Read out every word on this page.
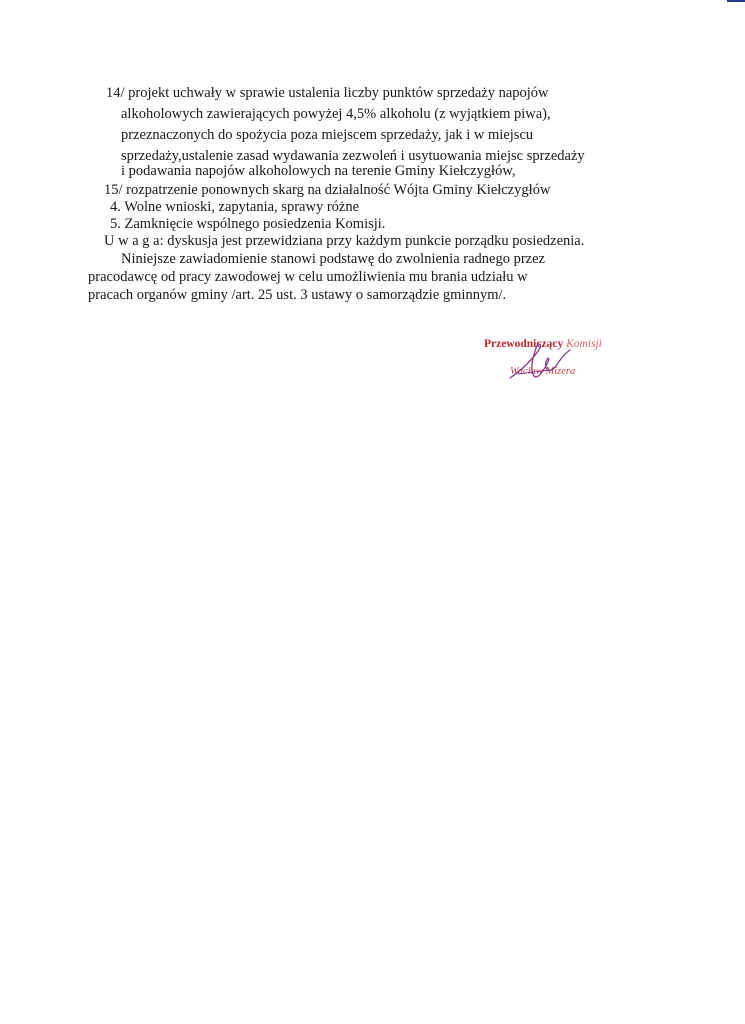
14/ projekt uchwały w sprawie ustalenia liczby punktów sprzedaży napojów
alkoholowych zawierających powyżej 4,5% alkoholu (z wyjątkiem piwa),
przeznaczonych do spożycia poza miejscem sprzedaży, jak i w miejscu
sprzedaży,ustalenie zasad wydawania zezwoleń i usytuowania miejsc sprzedaży
i podawania napojów alkoholowych na terenie Gminy Kiełczygłów,
15/ rozpatrzenie ponownych skarg na działalność Wójta Gminy Kiełczygłów
4. Wolne wnioski, zapytania, sprawy różne
5. Zamknięcie wspólnego posiedzenia Komisji.
U w a g a: dyskusja jest przewidziana przy każdym punkcie porządku posiedzenia.
Niniejsze zawiadomienie stanowi podstawę do zwolnienia radnego przez
pracodawcę od pracy zawodowej w celu umożliwienia mu brania udziału w
pracach organów gminy /art. 25 ust. 3 ustawy o samorządzie gminnym/.
Przewodniczący Komisji
Wacław Mizera
